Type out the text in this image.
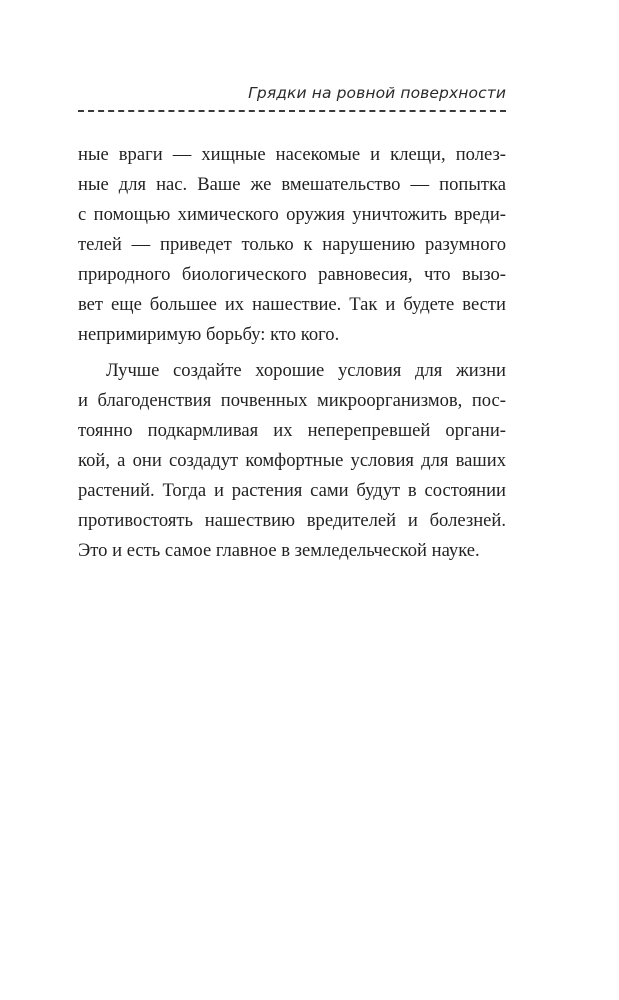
Грядки на ровной поверхности

ные враги — хищные насекомые и клещи, полез-
ные для нас. Ваше же вмешательство — попытка
с помощью химического оружия уничтожить вреди-
телей — приведет только к нарушению разумного
природного биологического равновесия, что вызо-
вет еще большее их нашествие. Так и будете вести
непримиримую борьбу: кто кого.

Лучше создайте хорошие условия для жизни
и благоденствия почвенных микроорганизмов, пос-
тоянно подкармливая их неперепревшей органи-
кой, а они создадут комфортные условия для ваших
растений. Тогда и растения сами будут в состоянии
противостоять нашествию вредителей и болезней.
Это и есть самое главное в земледельческой науке.
